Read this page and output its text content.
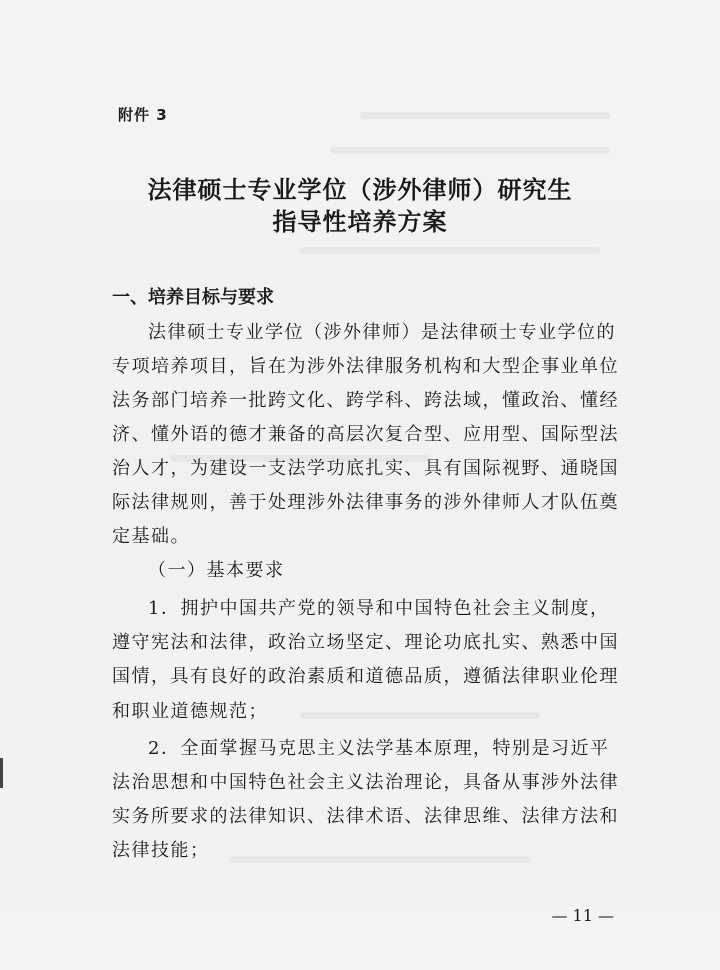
附件 3
法律硕士专业学位（涉外律师）研究生
指导性培养方案
一、培养目标与要求
法律硕士专业学位（涉外律师）是法律硕士专业学位的
专项培养项目，旨在为涉外法律服务机构和大型企事业单位
法务部门培养一批跨文化、跨学科、跨法域，懂政治、懂经
济、懂外语的德才兼备的高层次复合型、应用型、国际型法
治人才，为建设一支法学功底扎实、具有国际视野、通晓国
际法律规则，善于处理涉外法律事务的涉外律师人才队伍奠
定基础。
（一）基本要求
1．拥护中国共产党的领导和中国特色社会主义制度，
遵守宪法和法律，政治立场坚定、理论功底扎实、熟悉中国
国情，具有良好的政治素质和道德品质，遵循法律职业伦理
和职业道德规范；
2．全面掌握马克思主义法学基本原理，特别是习近平
法治思想和中国特色社会主义法治理论，具备从事涉外法律
实务所要求的法律知识、法律术语、法律思维、法律方法和
法律技能；
— 11 —
